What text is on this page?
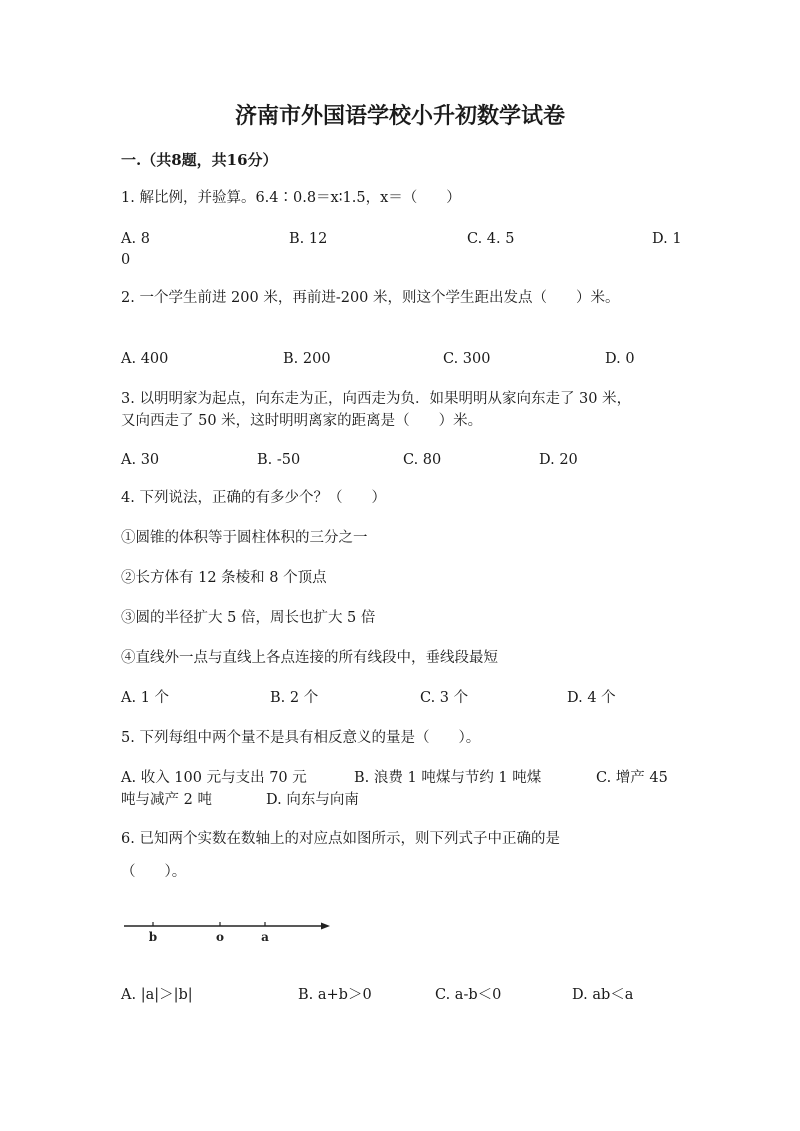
济南市外国语学校小升初数学试卷
一.（共8题，共16分）
1. 解比例，并验算。6.4∶0.8＝x∶1.5，x＝（　　）
A. 8	B. 12	C. 4. 5	D. 1
0
2. 一个学生前进 200 米，再前进-200 米，则这个学生距出发点（　　）米。
A. 400	B. 200	C. 300	D. 0
3. 以明明家为起点，向东走为正，向西走为负．如果明明从家向东走了 30 米，
又向西走了 50 米，这时明明离家的距离是（　　）米。
A. 30	B. -50	C. 80	D. 20
4. 下列说法，正确的有多少个？（　　）
①圆锥的体积等于圆柱体积的三分之一
②长方体有 12 条棱和 8 个顶点
③圆的半径扩大 5 倍，周长也扩大 5 倍
④直线外一点与直线上各点连接的所有线段中，垂线段最短
A. 1 个	B. 2 个	C. 3 个	D. 4 个
5. 下列每组中两个量不是具有相反意义的量是（　　）。
A. 收入 100 元与支出 70 元	B. 浪费 1 吨煤与节约 1 吨煤	C. 增产 45
吨与减产 2 吨	D. 向东与向南
6. 已知两个实数在数轴上的对应点如图所示，则下列式子中正确的是
（　　）。
b	o	a
A. |a|＞|b|	B. a+b＞0	C. a-b＜0	D. ab＜a
